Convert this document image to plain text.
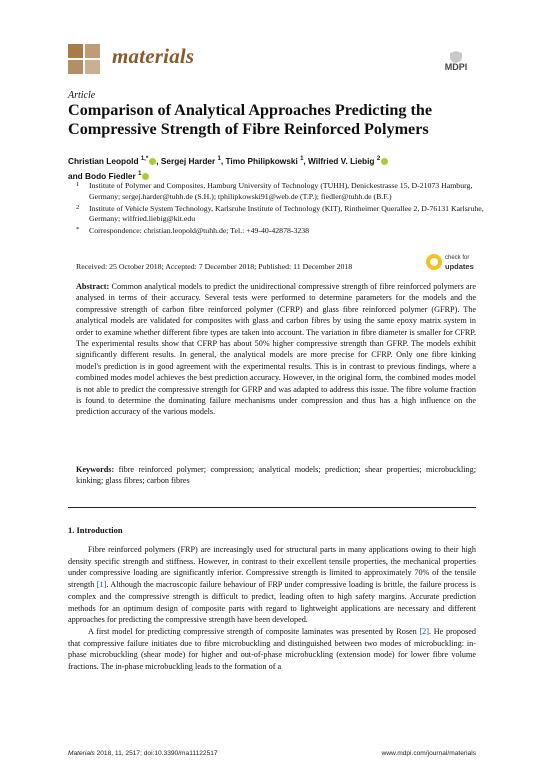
materials	MDPI
Article
Comparison of Analytical Approaches Predicting the Compressive Strength of Fibre Reinforced Polymers
Christian Leopold $^{1,*}$ , Sergej Harder $^1$, Timo Philipkowski $^1$, Wilfried V. Liebig $^2$
and Bodo Fiedler $^1$
1 Institute of Polymer and Composites, Hamburg University of Technology (TUHH), Denickestrasse 15, D-21073 Hamburg, Germany; sergej.harder@tuhh.de (S.H.); tphilipkowski91@web.de (T.P.); fiedler@tuhh.de (B.F.)
2 Institute of Vehicle System Technology, Karlsruhe Institute of Technology (KIT), Rintheimer Querallee 2, D-76131 Karlsruhe, Germany; wilfried.liebig@kit.edu
* Correspondence: christian.leopold@tuhh.de; Tel.: +49-40-42878-3238
check for
updates
Received: 25 October 2018; Accepted: 7 December 2018; Published: 11 December 2018
Abstract: Common analytical models to predict the unidirectional compressive strength of fibre reinforced polymers are analysed in terms of their accuracy. Several tests were performed to determine parameters for the models and the compressive strength of carbon fibre reinforced polymer (CFRP) and glass fibre reinforced polymer (GFRP). The analytical models are validated for composites with glass and carbon fibres by using the same epoxy matrix system in order to examine whether different fibre types are taken into account. The variation in fibre diameter is smaller for CFRP. The experimental results show that CFRP has about 50% higher compressive strength than GFRP. The models exhibit significantly different results. In general, the analytical models are more precise for CFRP. Only one fibre kinking model's prediction is in good agreement with the experimental results. This is in contrast to previous findings, where a combined modes model achieves the best prediction accuracy. However, in the original form, the combined modes model is not able to predict the compressive strength for GFRP and was adapted to address this issue. The fibre volume fraction is found to determine the dominating failure mechanisms under compression and thus has a high influence on the prediction accuracy of the various models.
Keywords: fibre reinforced polymer; compression; analytical models; prediction; shear properties; microbuckling; kinking; glass fibres; carbon fibres
1. Introduction

Fibre reinforced polymers (FRP) are increasingly used for structural parts in many applications owing to their high density specific strength and stiffness. However, in contrast to their excellent tensile properties, the mechanical properties under compressive loading are significantly inferior. Compressive strength is limited to approximately 70% of the tensile strength [1]. Although the macroscopic failure behaviour of FRP under compressive loading is brittle, the failure process is complex and the compressive strength is difficult to predict, leading often to high safety margins. Accurate prediction methods for an optimum design of composite parts with regard to lightweight applications are necessary and different approaches for predicting the compressive strength have been developed.

A first model for predicting compressive strength of composite laminates was presented by Rosen [2]. He proposed that compressive failure initiates due to fibre microbuckling and distinguished between two modes of microbuckling: in-phase microbuckling (shear mode) for higher and out-of-phase microbuckling (extension mode) for lower fibre volume fractions. The in-phase microbuckling leads to the formation of a

Materials 2018, 11, 2517; doi:10.3390/ma11122517	www.mdpi.com/journal/materials
